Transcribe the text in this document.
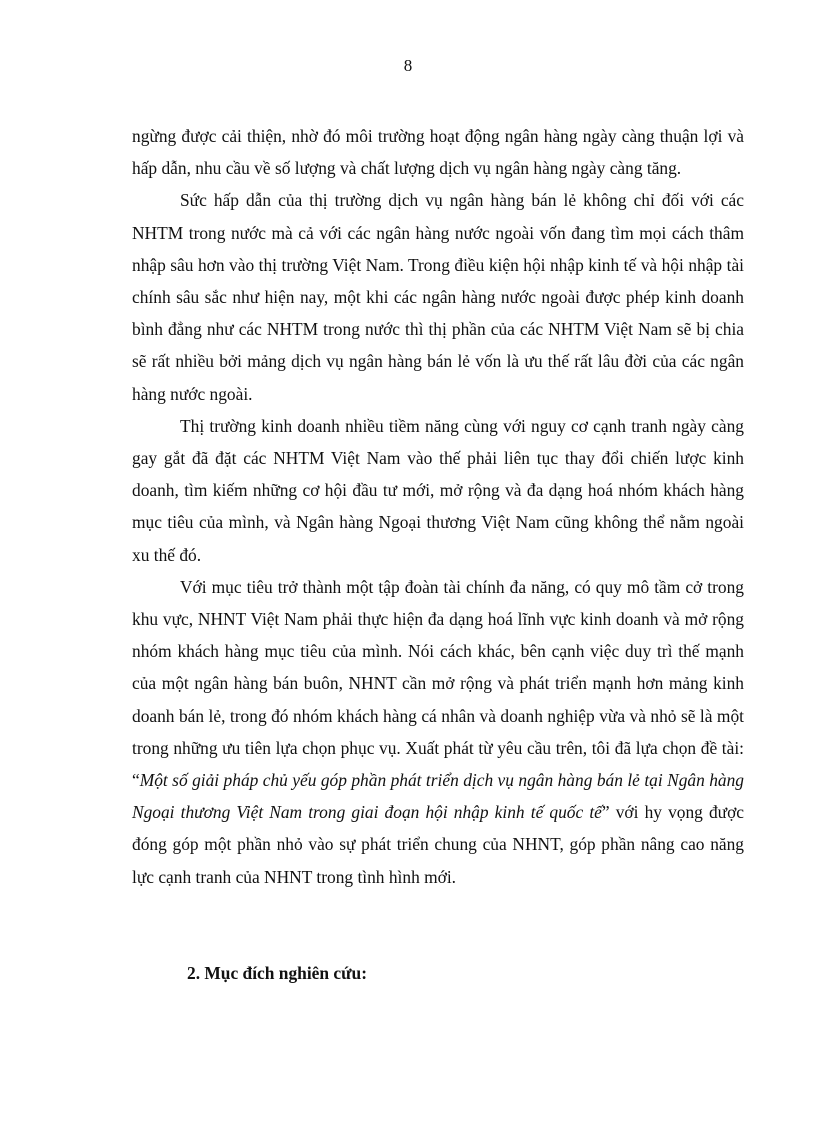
8

ngừng được cải thiện, nhờ đó môi trường hoạt động ngân hàng ngày càng thuận lợi và hấp dẫn, nhu cầu về số lượng và chất lượng dịch vụ ngân hàng ngày càng tăng.

Sức hấp dẫn của thị trường dịch vụ ngân hàng bán lẻ không chỉ đối với các NHTM trong nước mà cả với các ngân hàng nước ngoài vốn đang tìm mọi cách thâm nhập sâu hơn vào thị trường Việt Nam. Trong điều kiện hội nhập kinh tế và hội nhập tài chính sâu sắc như hiện nay, một khi các ngân hàng nước ngoài được phép kinh doanh bình đẳng như các NHTM trong nước thì thị phần của các NHTM Việt Nam sẽ bị chia sẽ rất nhiều bởi mảng dịch vụ ngân hàng bán lẻ vốn là ưu thế rất lâu đời của các ngân hàng nước ngoài.

Thị trường kinh doanh nhiều tiềm năng cùng với nguy cơ cạnh tranh ngày càng gay gắt đã đặt các NHTM Việt Nam vào thế phải liên tục thay đổi chiến lược kinh doanh, tìm kiếm những cơ hội đầu tư mới, mở rộng và đa dạng hoá nhóm khách hàng mục tiêu của mình, và Ngân hàng Ngoại thương Việt Nam cũng không thể nằm ngoài xu thế đó.

Với mục tiêu trở thành một tập đoàn tài chính đa năng, có quy mô tầm cở trong khu vực, NHNT Việt Nam phải thực hiện đa dạng hoá lĩnh vực kinh doanh và mở rộng nhóm khách hàng mục tiêu của mình. Nói cách khác, bên cạnh việc duy trì thế mạnh của một ngân hàng bán buôn, NHNT cần mở rộng và phát triển mạnh hơn mảng kinh doanh bán lẻ, trong đó nhóm khách hàng cá nhân và doanh nghiệp vừa và nhỏ sẽ là một trong những ưu tiên lựa chọn phục vụ. Xuất phát từ yêu cầu trên, tôi đã lựa chọn đề tài: “Một số giải pháp chủ yếu góp phần phát triển dịch vụ ngân hàng bán lẻ tại Ngân hàng Ngoại thương Việt Nam trong giai đoạn hội nhập kinh tế quốc tế” với hy vọng được đóng góp một phần nhỏ vào sự phát triển chung của NHNT, góp phần nâng cao năng lực cạnh tranh của NHNT trong tình hình mới.

2. Mục đích nghiên cứu:
